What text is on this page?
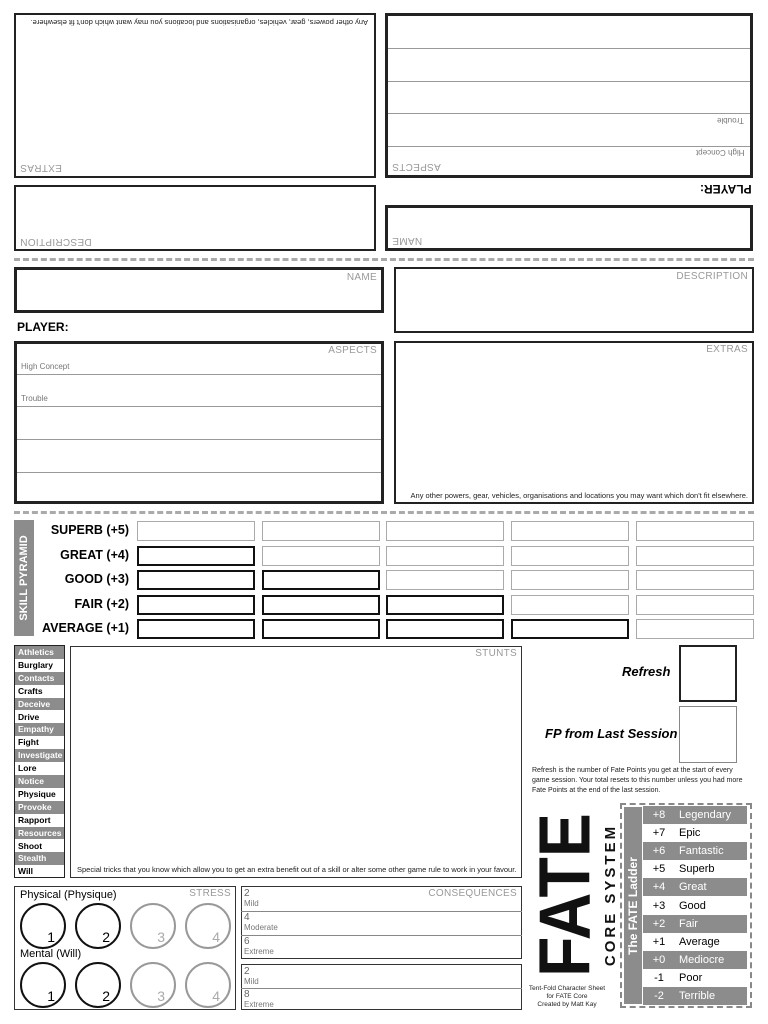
Any other powers, gear, vehicles, organisations and locations you may want which don't fit elsewhere.
EXTRAS
Trouble
High Concept
ASPECTS
PLAYER:
DESCRIPTION	NAME
NAME	DESCRIPTION
PLAYER:
ASPECTS
High Concept
Trouble
EXTRAS
Any other powers, gear, vehicles, organisations and locations you may want which don't fit elsewhere.
SKILL PYRAMID
SUPERB (+5)
GREAT (+4)
GOOD (+3)
FAIR (+2)
AVERAGE (+1)
Athletics
Burglary
Contacts
Crafts
Deceive
Drive
Empathy
Fight
Investigate
Lore
Notice
Physique
Provoke
Rapport
Resources
Shoot
Stealth
Will
STUNTS
Special tricks that you know which allow you to get an extra benefit out of a skill or alter some other game rule to work in your favour.
Refresh
FP from Last Session
Refresh is the number of Fate Points you get at the start of every game session. Your total resets to this number unless you had more Fate Points at the end of the last session.
STRESS
Physical (Physique)
Mental (Will)
1	2	3	4
1	2	3	4
CONSEQUENCES
2
Mild
4
Moderate
6
Extreme
2
Mild
8
Extreme
FATE
CORE SYSTEM
Tent-Fold Character Sheet
for FATE Core
Created by Matt Kay
The FATE Ladder
+8	Legendary
+7	Epic
+6	Fantastic
+5	Superb
+4	Great
+3	Good
+2	Fair
+1	Average
+0	Mediocre
-1	Poor
-2	Terrible
